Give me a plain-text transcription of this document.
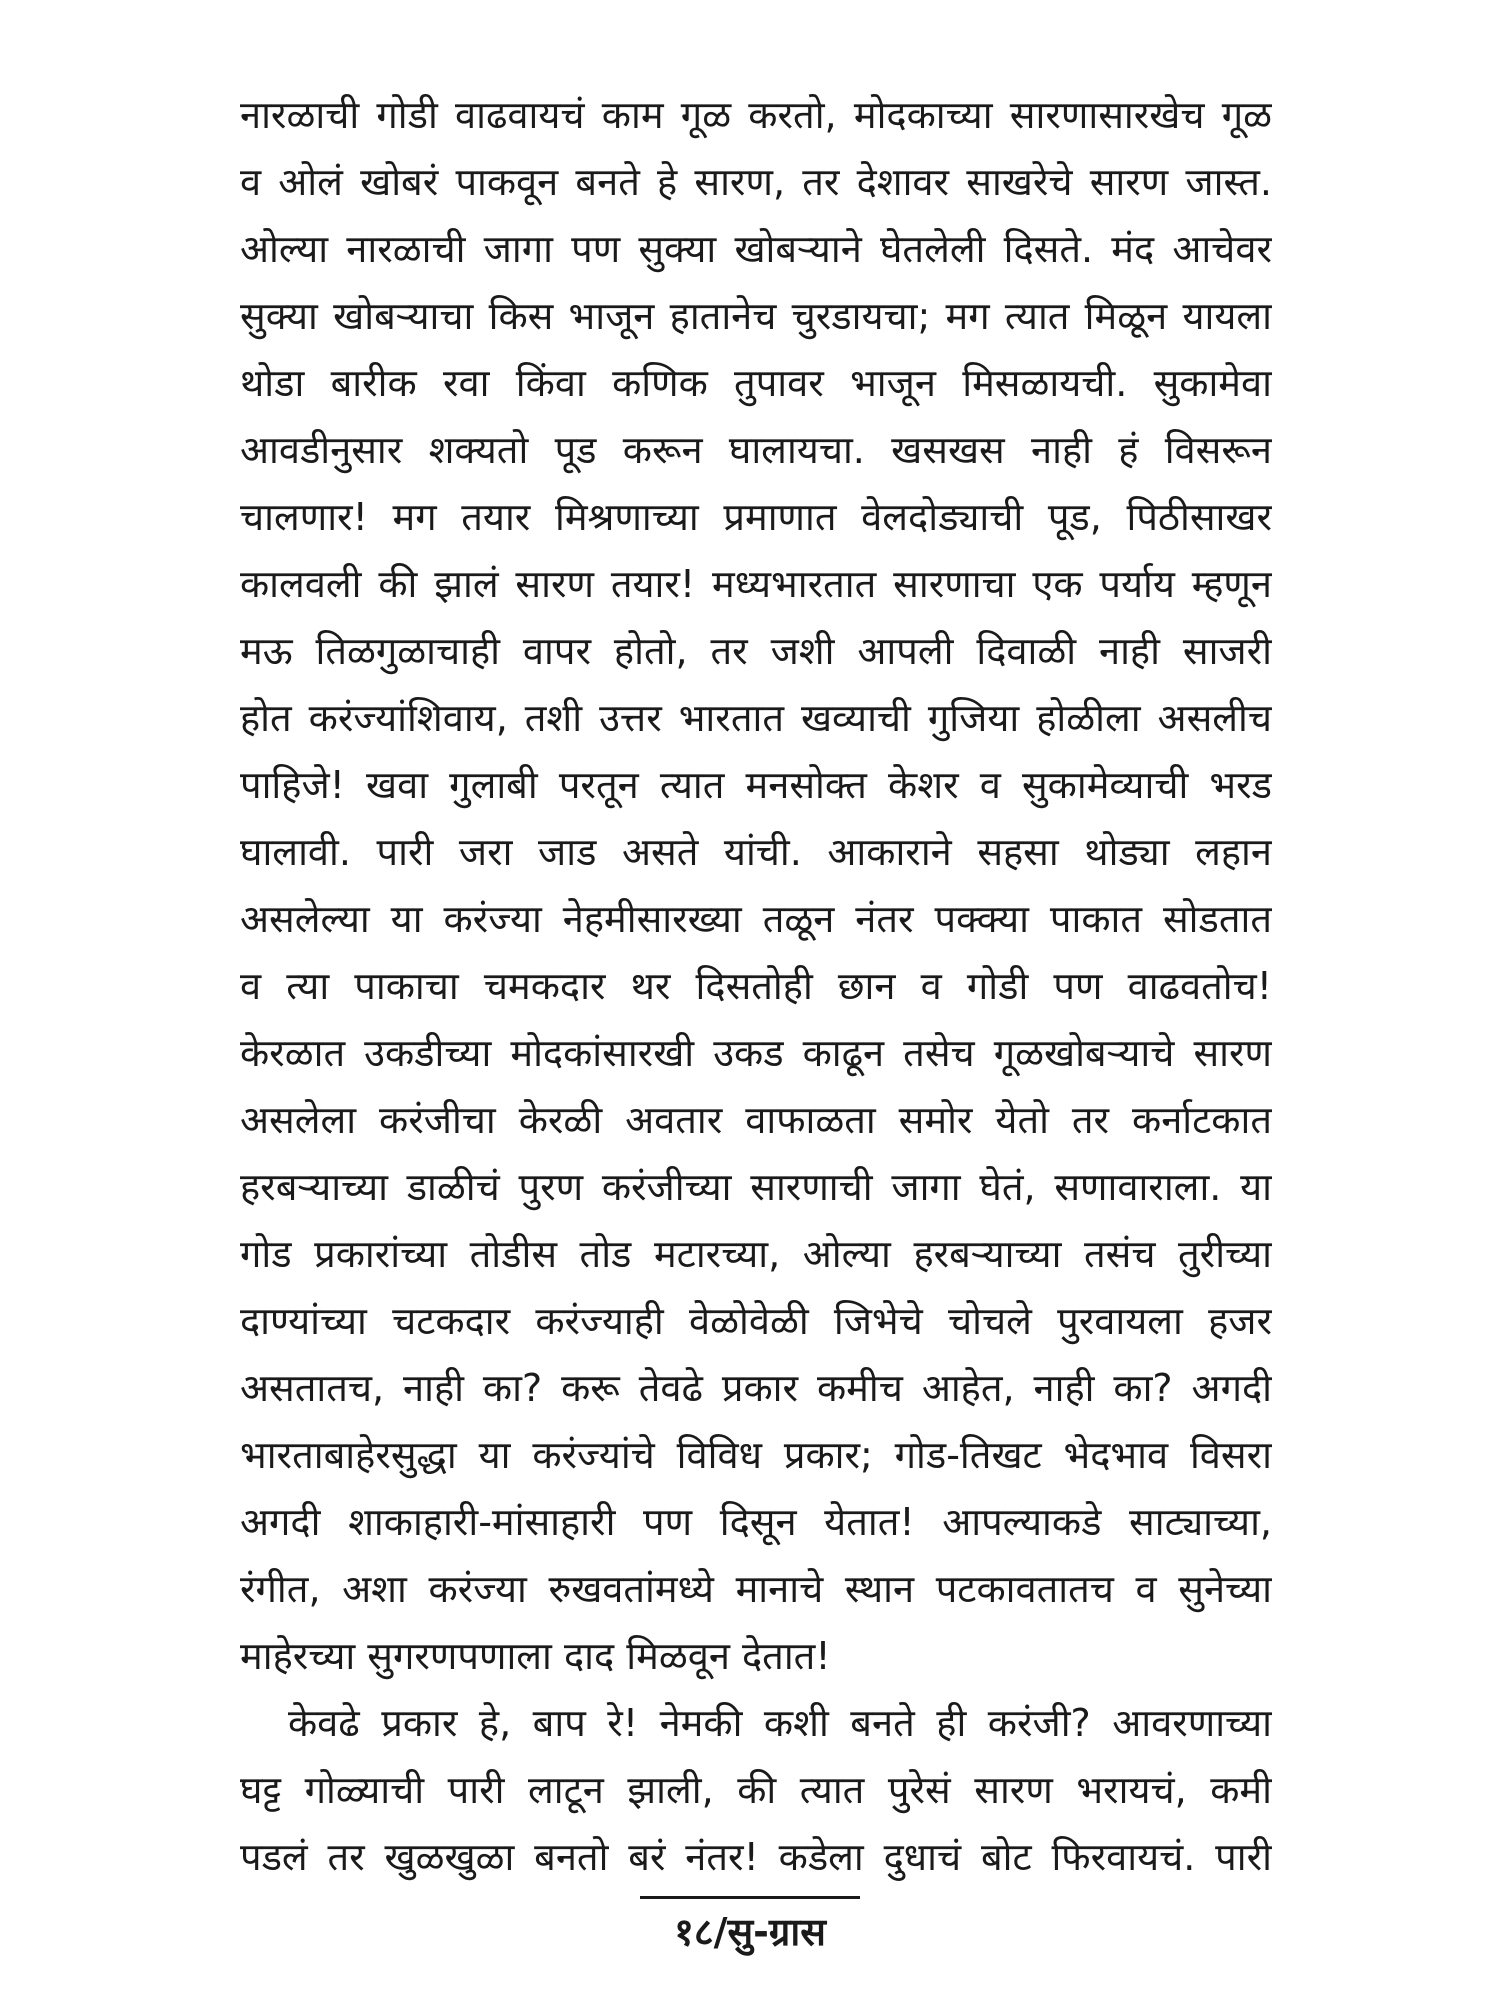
नारळाची गोडी वाढवायचं काम गूळ करतो, मोदकाच्या सारणासारखेच गूळ
व ओलं खोबरं पाकवून बनते हे सारण, तर देशावर साखरेचे सारण जास्त.
ओल्या नारळाची जागा पण सुक्या खोबऱ्याने घेतलेली दिसते. मंद आचेवर
सुक्या खोबऱ्याचा किस भाजून हातानेच चुरडायचा; मग त्यात मिळून यायला
थोडा बारीक रवा किंवा कणिक तुपावर भाजून मिसळायची. सुकामेवा
आवडीनुसार शक्यतो पूड करून घालायचा. खसखस नाही हं विसरून
चालणार! मग तयार मिश्रणाच्या प्रमाणात वेलदोड्याची पूड, पिठीसाखर
कालवली की झालं सारण तयार! मध्यभारतात सारणाचा एक पर्याय म्हणून
मऊ तिळगुळाचाही वापर होतो, तर जशी आपली दिवाळी नाही साजरी
होत करंज्यांशिवाय, तशी उत्तर भारतात खव्याची गुजिया होळीला असलीच
पाहिजे! खवा गुलाबी परतून त्यात मनसोक्त केशर व सुकामेव्याची भरड
घालावी. पारी जरा जाड असते यांची. आकाराने सहसा थोड्या लहान
असलेल्या या करंज्या नेहमीसारख्या तळून नंतर पक्क्या पाकात सोडतात
व त्या पाकाचा चमकदार थर दिसतोही छान व गोडी पण वाढवतोच!
केरळात उकडीच्या मोदकांसारखी उकड काढून तसेच गूळखोबऱ्याचे सारण
असलेला करंजीचा केरळी अवतार वाफाळता समोर येतो तर कर्नाटकात
हरबऱ्याच्या डाळीचं पुरण करंजीच्या सारणाची जागा घेतं, सणावाराला. या
गोड प्रकारांच्या तोडीस तोड मटारच्या, ओल्या हरबऱ्याच्या तसंच तुरीच्या
दाण्यांच्या चटकदार करंज्याही वेळोवेळी जिभेचे चोचले पुरवायला हजर
असतातच, नाही का? करू तेवढे प्रकार कमीच आहेत, नाही का? अगदी
भारताबाहेरसुद्धा या करंज्यांचे विविध प्रकार; गोड-तिखट भेदभाव विसरा
अगदी शाकाहारी-मांसाहारी पण दिसून येतात! आपल्याकडे साट्याच्या,
रंगीत, अशा करंज्या रुखवतांमध्ये मानाचे स्थान पटकावतातच व सुनेच्या
माहेरच्या सुगरणपणाला दाद मिळवून देतात!
केवढे प्रकार हे, बाप रे! नेमकी कशी बनते ही करंजी? आवरणाच्या
घट्ट गोळ्याची पारी लाटून झाली, की त्यात पुरेसं सारण भरायचं, कमी
पडलं तर खुळखुळा बनतो बरं नंतर! कडेला दुधाचं बोट फिरवायचं. पारी
१८/सु-ग्रास
